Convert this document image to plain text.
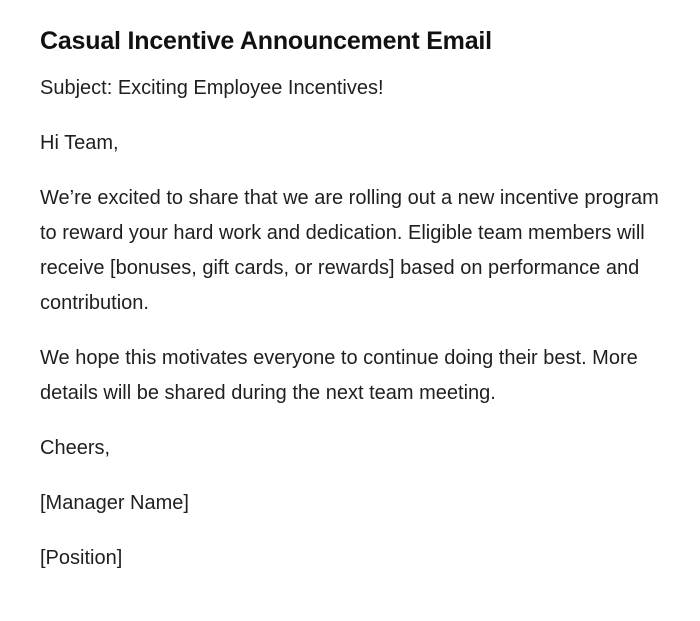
Casual Incentive Announcement Email

Subject: Exciting Employee Incentives!

Hi Team,

We’re excited to share that we are rolling out a new incentive program to reward your hard work and dedication. Eligible team members will receive [bonuses, gift cards, or rewards] based on performance and contribution.

We hope this motivates everyone to continue doing their best. More details will be shared during the next team meeting.

Cheers,

[Manager Name]

[Position]
